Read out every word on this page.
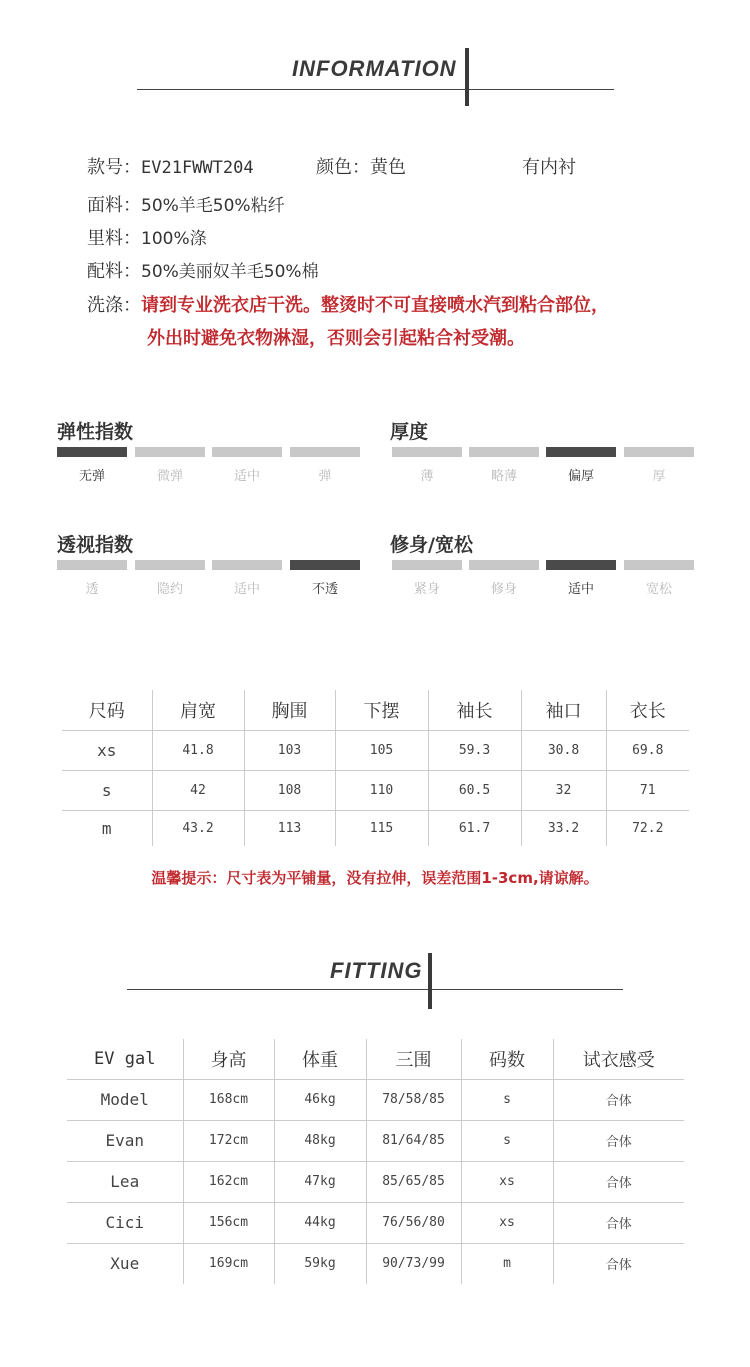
INFORMATION
款号：EV21FWWT204	颜色：黄色	有内衬
面料：50%羊毛50%粘纤
里料：100%涤
配料：50%美丽奴羊毛50%棉
洗涤：请到专业洗衣店干洗。整烫时不可直接喷水汽到粘合部位，
外出时避免衣物淋湿，否则会引起粘合衬受潮。
弹性指数
无弹	微弹	适中	弹
厚度
薄	略薄	偏厚	厚
透视指数
透	隐约	适中	不透
修身/宽松
紧身	修身	适中	宽松
尺码	肩宽	胸围	下摆	袖长	袖口	衣长
xs	41.8	103	105	59.3	30.8	69.8
s	42	108	110	60.5	32	71
m	43.2	113	115	61.7	33.2	72.2
温馨提示：尺寸表为平铺量，没有拉伸，误差范围1-3cm,请谅解。
FITTING
EV gal	身高	体重	三围	码数	试衣感受
Model	168cm	46kg	78/58/85	s	合体
Evan	172cm	48kg	81/64/85	s	合体
Lea	162cm	47kg	85/65/85	xs	合体
Cici	156cm	44kg	76/56/80	xs	合体
Xue	169cm	59kg	90/73/99	m	合体
